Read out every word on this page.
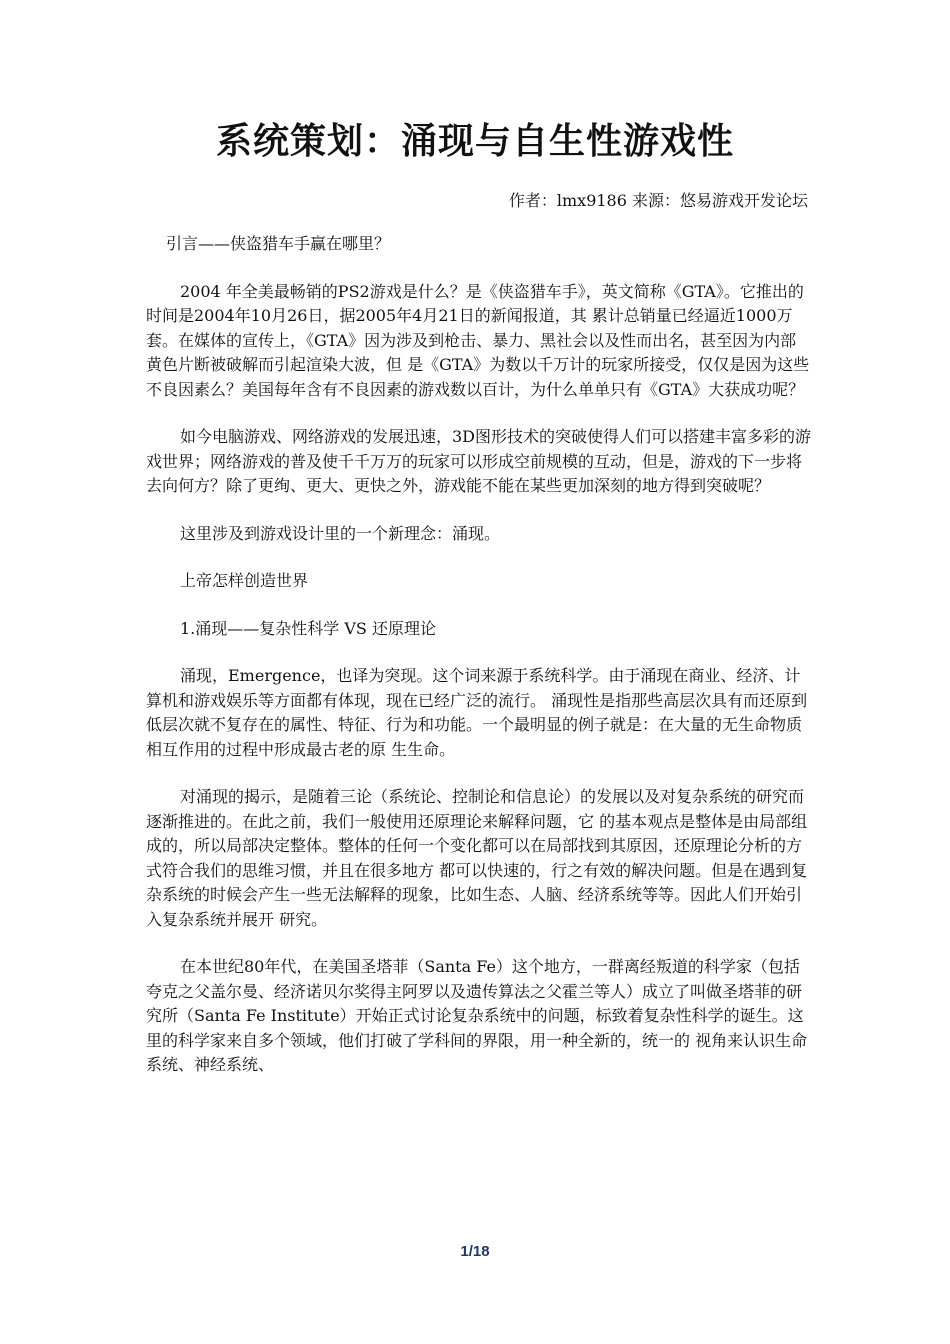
系统策划：涌现与自生性游戏性

作者：lmx9186 来源：悠易游戏开发论坛

引言——侠盗猎车手赢在哪里？

2004 年全美最畅销的PS2游戏是什么？是《侠盗猎车手》，英文简称《GTA》。它推出的时间是2004年10月26日，据2005年4月21日的新闻报道，其 累计总销量已经逼近1000万套。在媒体的宣传上，《GTA》因为涉及到枪击、暴力、黑社会以及性而出名，甚至因为内部黄色片断被破解而引起渲染大波，但 是《GTA》为数以千万计的玩家所接受，仅仅是因为这些不良因素么？美国每年含有不良因素的游戏数以百计，为什么单单只有《GTA》大获成功呢？

如今电脑游戏、网络游戏的发展迅速，3D图形技术的突破使得人们可以搭建丰富多彩的游戏世界；网络游戏的普及使千千万万的玩家可以形成空前规模的互动，但是，游戏的下一步将去向何方？除了更绚、更大、更快之外，游戏能不能在某些更加深刻的地方得到突破呢？

这里涉及到游戏设计里的一个新理念：涌现。

上帝怎样创造世界

1.涌现——复杂性科学 VS 还原理论

涌现，Emergence，也译为突现。这个词来源于系统科学。由于涌现在商业、经济、计算机和游戏娱乐等方面都有体现，现在已经广泛的流行。 涌现性是指那些高层次具有而还原到低层次就不复存在的属性、特征、行为和功能。一个最明显的例子就是：在大量的无生命物质相互作用的过程中形成最古老的原 生生命。

对涌现的揭示，是随着三论（系统论、控制论和信息论）的发展以及对复杂系统的研究而逐渐推进的。在此之前，我们一般使用还原理论来解释问题，它 的基本观点是整体是由局部组成的，所以局部决定整体。整体的任何一个变化都可以在局部找到其原因，还原理论分析的方式符合我们的思维习惯，并且在很多地方 都可以快速的，行之有效的解决问题。但是在遇到复杂系统的时候会产生一些无法解释的现象，比如生态、人脑、经济系统等等。因此人们开始引入复杂系统并展开 研究。

在本世纪80年代，在美国圣塔菲（Santa Fe）这个地方，一群离经叛道的科学家（包括夸克之父盖尔曼、经济诺贝尔奖得主阿罗以及遗传算法之父霍兰等人）成立了叫做圣塔菲的研究所（Santa Fe Institute）开始正式讨论复杂系统中的问题，标致着复杂性科学的诞生。这里的科学家来自多个领域，他们打破了学科间的界限，用一种全新的，统一的 视角来认识生命系统、神经系统、

1/18
